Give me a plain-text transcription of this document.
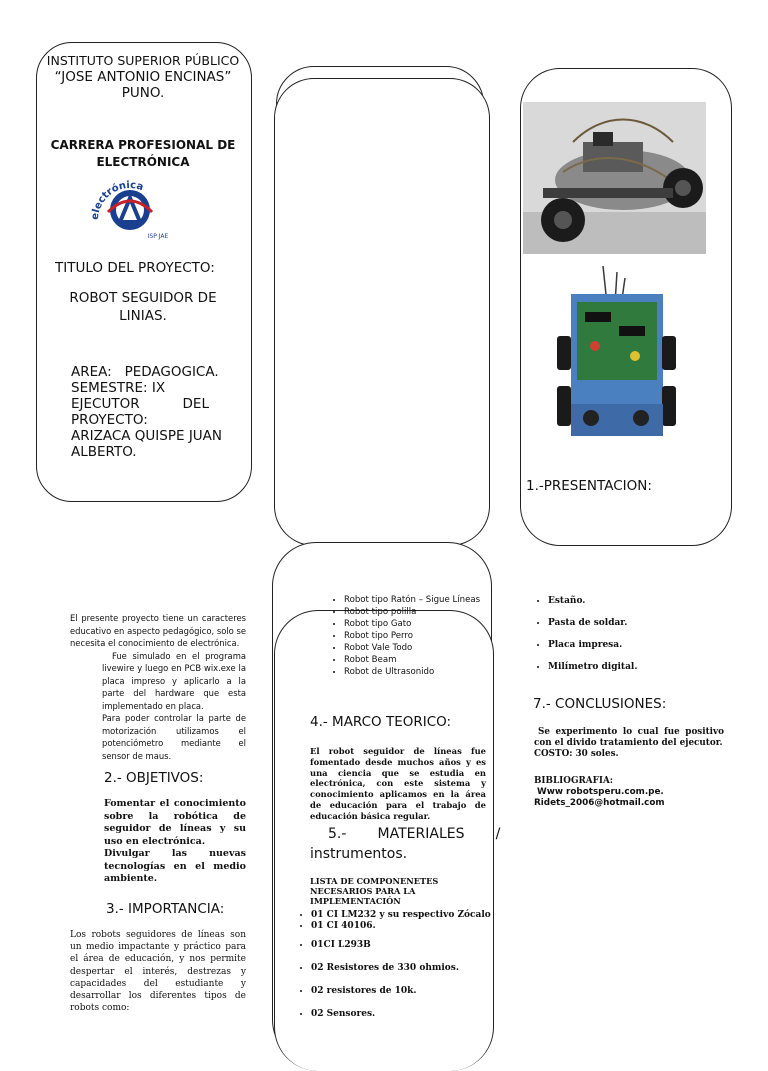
INSTITUTO SUPERIOR PÚBLICO
“JOSE ANTONIO ENCINAS”
PUNO.
CARRERA PROFESIONAL DE
ELECTRÓNICA
electrónica
ISP JAE
TITULO DEL PROYECTO:
ROBOT SEGUIDOR DE
LINIAS.
AREA:   PEDAGOGICA.
SEMESTRE: IX
EJECUTOR          DEL
PROYECTO:
ARIZACA QUISPE JUAN
ALBERTO.
1.-PRESENTACION:
El presente proyecto tiene un caracteres educativo en aspecto pedagógico, solo se necesita el conocimiento de electrónica.
Fue simulado en el programa livewire y luego en PCB wix.exe la placa impreso y aplicarlo a la parte del hardware que esta implementado en placa.
Para poder controlar la parte de motorización utilizamos el potenciómetro mediante el sensor de maus.
2.- OBJETIVOS:
Fomentar el conocimiento sobre la robótica de seguidor de líneas y su uso en electrónica.
Divulgar las nuevas tecnologías en el medio ambiente.
3.- IMPORTANCIA:
Los robots seguidores de líneas son un medio impactante y práctico para el área de educación, y nos permite despertar el interés, destrezas y capacidades del estudiante y desarrollar los diferentes tipos de robots como:
• Robot tipo Ratón – Sigue Líneas
• Robot tipo polilla
• Robot tipo Gato
• Robot tipo Perro
• Robot Vale Todo
• Robot Beam
• Robot de Ultrasonido
4.- MARCO TEORICO:
El robot seguidor de líneas fue fomentado desde muchos años y es una ciencia que se estudia en electrónica, con este sistema y conocimiento aplicamos en la área de educación para el trabajo de educación básica regular.
5.-       MATERIALES       /
instrumentos.
LISTA DE COMPONENETES NECESARIOS PARA LA IMPLEMENTACIÓN
• 01 CI LM232 y su respectivo Zócalo
• 01 CI 40106.
• 01CI L293B
• 02 Resistores de 330 ohmios.
• 02 resistores de 10k.
• 02 Sensores.
• Estaño.
• Pasta de soldar.
• Placa impresa.
• Milímetro digital.
7.- CONCLUSIONES:
Se experimento lo cual fue positivo con el divido tratamiento del ejecutor.
COSTO: 30 soles.
BIBLIOGRAFIA:
Www robotsperu.com.pe.
Ridets_2006@hotmail.com
